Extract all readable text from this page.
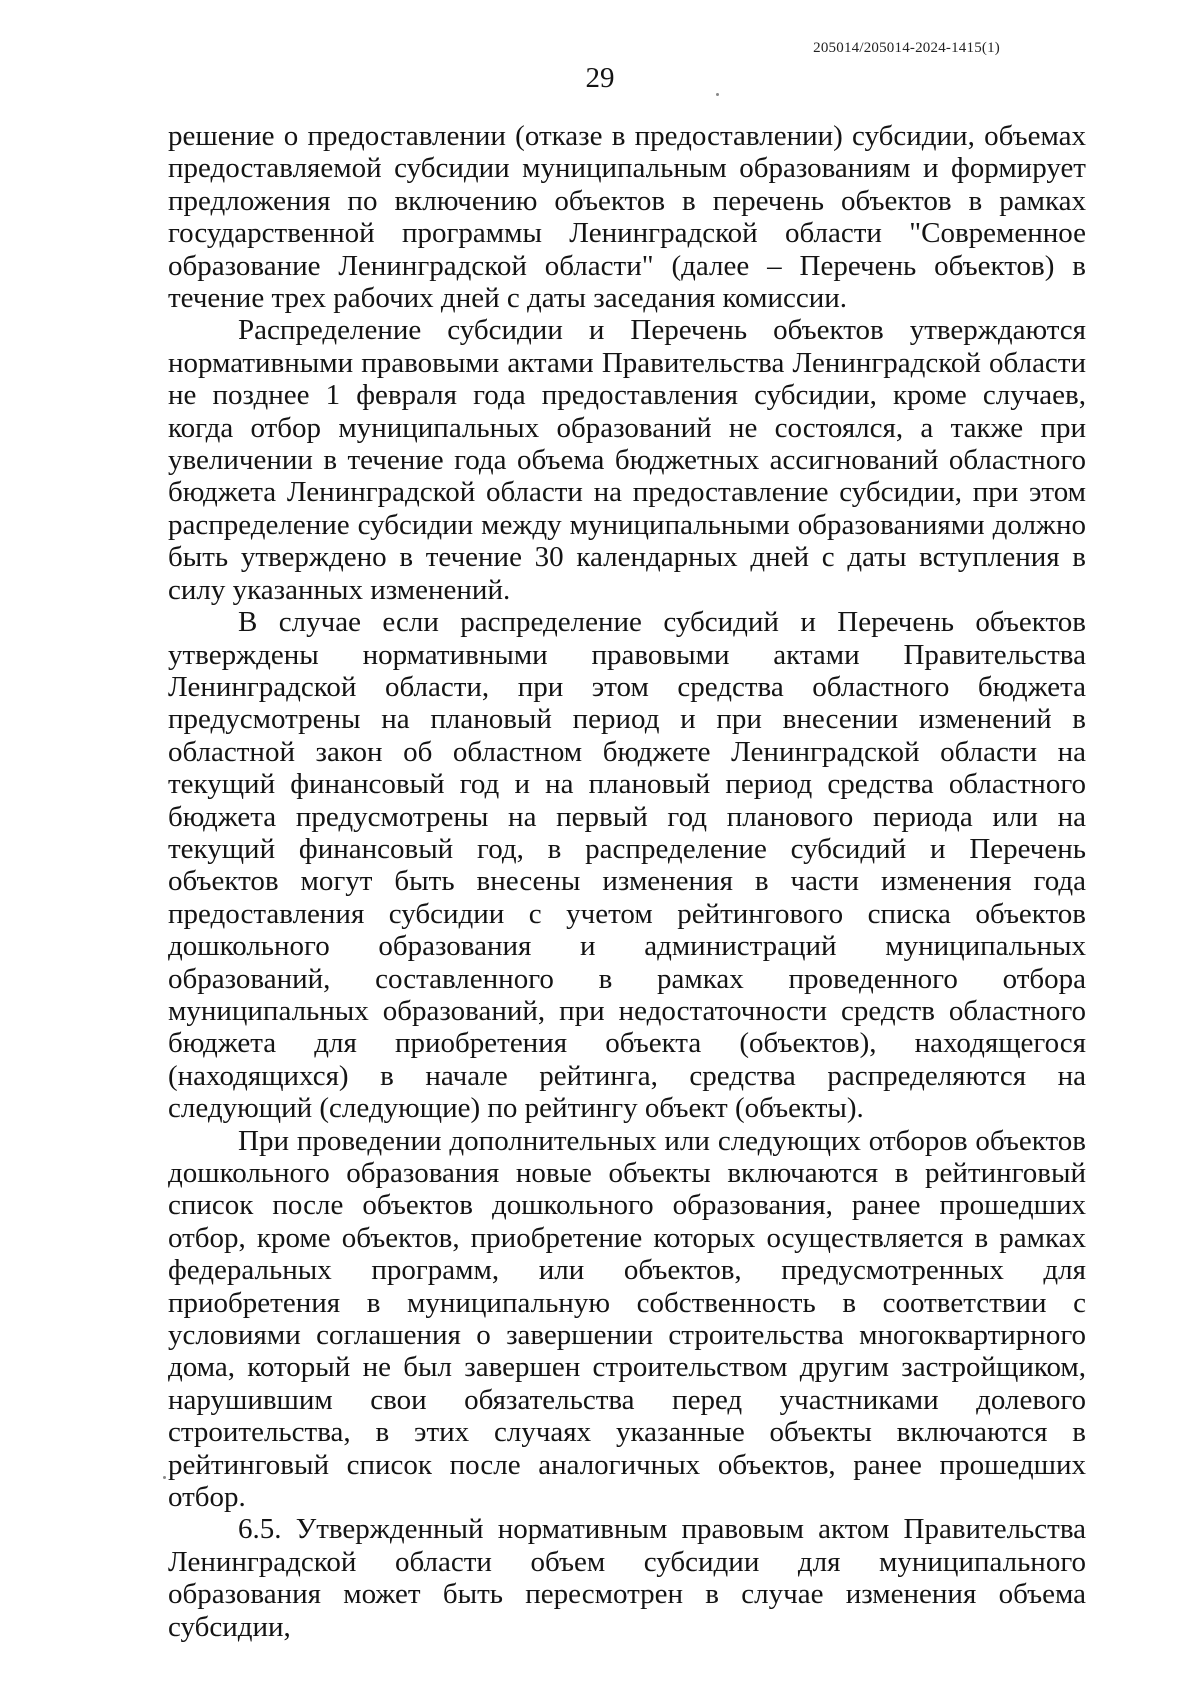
205014/205014-2024-1415(1)
29

решение о предоставлении (отказе в предоставлении) субсидии, объемах предоставляемой субсидии муниципальным образованиям и формирует предложения по включению объектов в перечень объектов в рамках государственной программы Ленинградской области "Современное образование Ленинградской области" (далее – Перечень объектов) в течение трех рабочих дней с даты заседания комиссии.

Распределение субсидии и Перечень объектов утверждаются нормативными правовыми актами Правительства Ленинградской области не позднее 1 февраля года предоставления субсидии, кроме случаев, когда отбор муниципальных образований не состоялся, а также при увеличении в течение года объема бюджетных ассигнований областного бюджета Ленинградской области на предоставление субсидии, при этом распределение субсидии между муниципальными образованиями должно быть утверждено в течение 30 календарных дней с даты вступления в силу указанных изменений.

В случае если распределение субсидий и Перечень объектов утверждены нормативными правовыми актами Правительства Ленинградской области, при этом средства областного бюджета предусмотрены на плановый период и при внесении изменений в областной закон об областном бюджете Ленинградской области на текущий финансовый год и на плановый период средства областного бюджета предусмотрены на первый год планового периода или на текущий финансовый год, в распределение субсидий и Перечень объектов могут быть внесены изменения в части изменения года предоставления субсидии с учетом рейтингового списка объектов дошкольного образования и администраций муниципальных образований, составленного в рамках проведенного отбора муниципальных образований, при недостаточности средств областного бюджета для приобретения объекта (объектов), находящегося (находящихся) в начале рейтинга, средства распределяются на следующий (следующие) по рейтингу объект (объекты).

При проведении дополнительных или следующих отборов объектов дошкольного образования новые объекты включаются в рейтинговый список после объектов дошкольного образования, ранее прошедших отбор, кроме объектов, приобретение которых осуществляется в рамках федеральных программ, или объектов, предусмотренных для приобретения в муниципальную собственность в соответствии с условиями соглашения о завершении строительства многоквартирного дома, который не был завершен строительством другим застройщиком, нарушившим свои обязательства перед участниками долевого строительства, в этих случаях указанные объекты включаются в рейтинговый список после аналогичных объектов, ранее прошедших отбор.

6.5. Утвержденный нормативным правовым актом Правительства Ленинградской области объем субсидии для муниципального образования может быть пересмотрен в случае изменения объема субсидии,
